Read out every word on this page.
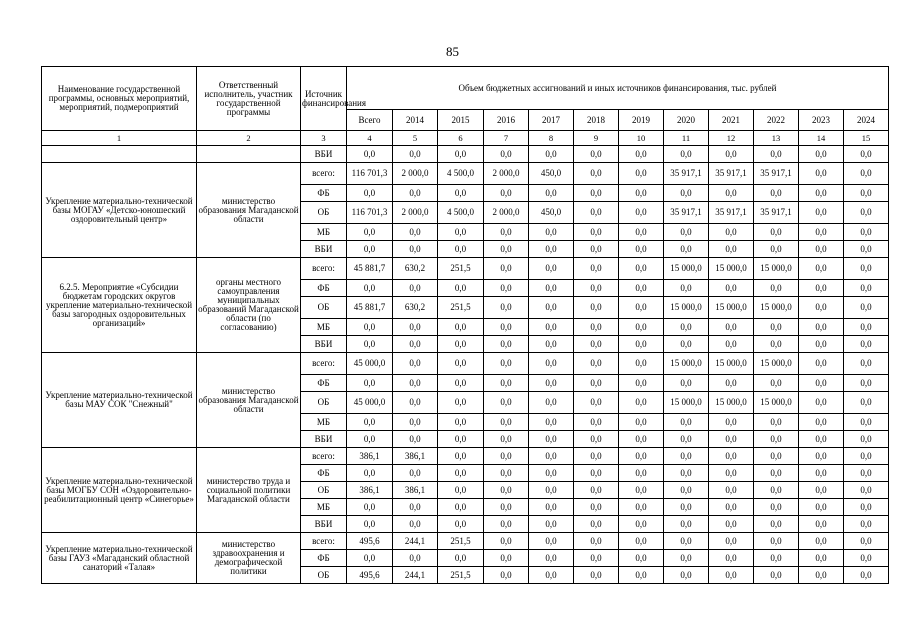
85
Наименование государственной программы, основных мероприятий, мероприятий, подмероприятий	Ответственный исполнитель, участник государственной программы	Источник финансирования	Объем бюджетных ассигнований и иных источников финансирования, тыс. рублей											
			Всего	2014	2015	2016	2017	2018	2019	2020	2021	2022	2023	2024
1	2	3	4	5	6	7	8	9	10	11	12	13	14	15
		ВБИ	0,0	0,0	0,0	0,0	0,0	0,0	0,0	0,0	0,0	0,0	0,0	0,0
Укрепление материально-технической базы МОГАУ «Детско-юношеский оздоровительный центр»	министерство образования Магаданской области	всего:	116 701,3	2 000,0	4 500,0	2 000,0	450,0	0,0	0,0	35 917,1	35 917,1	35 917,1	0,0	0,0
		ФБ	0,0	0,0	0,0	0,0	0,0	0,0	0,0	0,0	0,0	0,0	0,0	0,0
		ОБ	116 701,3	2 000,0	4 500,0	2 000,0	450,0	0,0	0,0	35 917,1	35 917,1	35 917,1	0,0	0,0
		МБ	0,0	0,0	0,0	0,0	0,0	0,0	0,0	0,0	0,0	0,0	0,0	0,0
		ВБИ	0,0	0,0	0,0	0,0	0,0	0,0	0,0	0,0	0,0	0,0	0,0	0,0
6.2.5. Мероприятие «Субсидии бюджетам городских округов укрепление материально-технической базы загородных оздоровительных организаций»	органы местного самоуправления муниципальных образований Магаданской области (по согласованию)	всего:	45 881,7	630,2	251,5	0,0	0,0	0,0	0,0	15 000,0	15 000,0	15 000,0	0,0	0,0
		ФБ	0,0	0,0	0,0	0,0	0,0	0,0	0,0	0,0	0,0	0,0	0,0	0,0
		ОБ	45 881,7	630,2	251,5	0,0	0,0	0,0	0,0	15 000,0	15 000,0	15 000,0	0,0	0,0
		МБ	0,0	0,0	0,0	0,0	0,0	0,0	0,0	0,0	0,0	0,0	0,0	0,0
		ВБИ	0,0	0,0	0,0	0,0	0,0	0,0	0,0	0,0	0,0	0,0	0,0	0,0
Укрепление материально-технической базы МАУ СОК "Снежный"	министерство образования Магаданской области	всего:	45 000,0	0,0	0,0	0,0	0,0	0,0	0,0	15 000,0	15 000,0	15 000,0	0,0	0,0
		ФБ	0,0	0,0	0,0	0,0	0,0	0,0	0,0	0,0	0,0	0,0	0,0	0,0
		ОБ	45 000,0	0,0	0,0	0,0	0,0	0,0	0,0	15 000,0	15 000,0	15 000,0	0,0	0,0
		МБ	0,0	0,0	0,0	0,0	0,0	0,0	0,0	0,0	0,0	0,0	0,0	0,0
		ВБИ	0,0	0,0	0,0	0,0	0,0	0,0	0,0	0,0	0,0	0,0	0,0	0,0
Укрепление материально-технической базы МОГБУ СОН «Оздоровительно-реабилитационный центр «Синегорье»	министерство труда и социальной политики Магаданской области	всего:	386,1	386,1	0,0	0,0	0,0	0,0	0,0	0,0	0,0	0,0	0,0	0,0
		ФБ	0,0	0,0	0,0	0,0	0,0	0,0	0,0	0,0	0,0	0,0	0,0	0,0
		ОБ	386,1	386,1	0,0	0,0	0,0	0,0	0,0	0,0	0,0	0,0	0,0	0,0
		МБ	0,0	0,0	0,0	0,0	0,0	0,0	0,0	0,0	0,0	0,0	0,0	0,0
		ВБИ	0,0	0,0	0,0	0,0	0,0	0,0	0,0	0,0	0,0	0,0	0,0	0,0
Укрепление материально-технической базы ГАУЗ «Магаданский областной санаторий «Талая»	министерство здравоохранения и демографической политики	всего:	495,6	244,1	251,5	0,0	0,0	0,0	0,0	0,0	0,0	0,0	0,0	0,0
		ФБ	0,0	0,0	0,0	0,0	0,0	0,0	0,0	0,0	0,0	0,0	0,0	0,0
		ОБ	495,6	244,1	251,5	0,0	0,0	0,0	0,0	0,0	0,0	0,0	0,0	0,0
